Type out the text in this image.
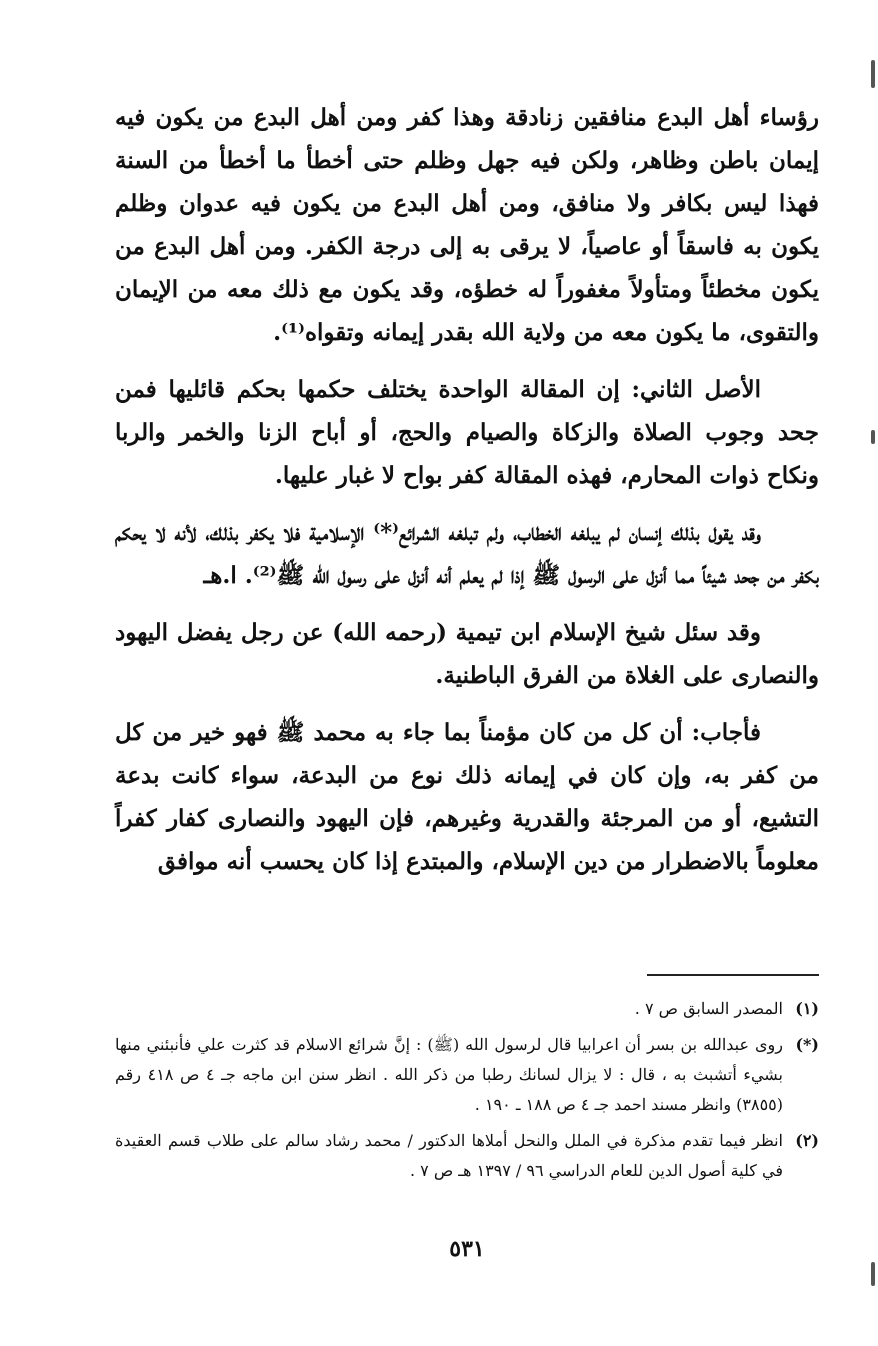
رؤساء أهل البدع منافقين زنادقة وهذا كفر ومن أهل البدع من يكون فيه إيمان باطن وظاهر، ولكن فيه جهل وظلم حتى أخطأ ما أخطأ من السنة فهذا ليس بكافر ولا منافق، ومن أهل البدع من يكون فيه عدوان وظلم يكون به فاسقاً أو عاصياً، لا يرقى به إلى درجة الكفر. ومن أهل البدع من يكون مخطئاً ومتأولاً مغفوراً له خطؤه، وقد يكون مع ذلك معه من الإيمان والتقوى، ما يكون معه من ولاية الله بقدر إيمانه وتقواه⁽¹⁾.

الأصل الثاني: إن المقالة الواحدة يختلف حكمها بحكم قائليها فمن جحد وجوب الصلاة والزكاة والصيام والحج، أو أباح الزنا والخمر والربا ونكاح ذوات المحارم، فهذه المقالة كفر بواح لا غبار عليها.

وقد يقول بذلك إنسان لم يبلغه الخطاب، ولم تبلغه الشرائع⁽*⁾ الإسلامية فلا يكفر بذلك، لأنه لا يحكم بكفر من جحد شيئاً مما أنزل على الرسول ﷺ إذا لم يعلم أنه أنزل على رسول الله ﷺ⁽²⁾. ا.هـ

وقد سئل شيخ الإسلام ابن تيمية (رحمه الله) عن رجل يفضل اليهود والنصارى على الغلاة من الفرق الباطنية.

فأجاب: أن كل من كان مؤمناً بما جاء به محمد ﷺ فهو خير من كل من كفر به، وإن كان في إيمانه ذلك نوع من البدعة، سواء كانت بدعة التشيع، أو من المرجئة والقدرية وغيرهم، فإن اليهود والنصارى كفار كفراً معلوماً بالاضطرار من دين الإسلام، والمبتدع إذا كان يحسب أنه موافق

(١)
المصدر السابق ص ٧ .
(*)
روى عبدالله بن بسر أن اعرابيا قال لرسول الله (ﷺ) : إنَّ شرائع الاسلام قد كثرت علي فأنبئني منها بشيء أتشبث به ، قال : لا يزال لسانك رطبا من ذكر الله . انظر سنن ابن ماجه جـ ٤ ص ٤١٨ رقم (٣٨٥٥) وانظر مسند احمد جـ ٤ ص ١٨٨ ـ ١٩٠ .
(٢)
انظر فيما تقدم مذكرة في الملل والنحل أملاها الدكتور / محمد رشاد سالم على طلاب قسم العقيدة في كلية أصول الدين للعام الدراسي ٩٦ / ١٣٩٧ هـ ص ٧ .
٥٣١
